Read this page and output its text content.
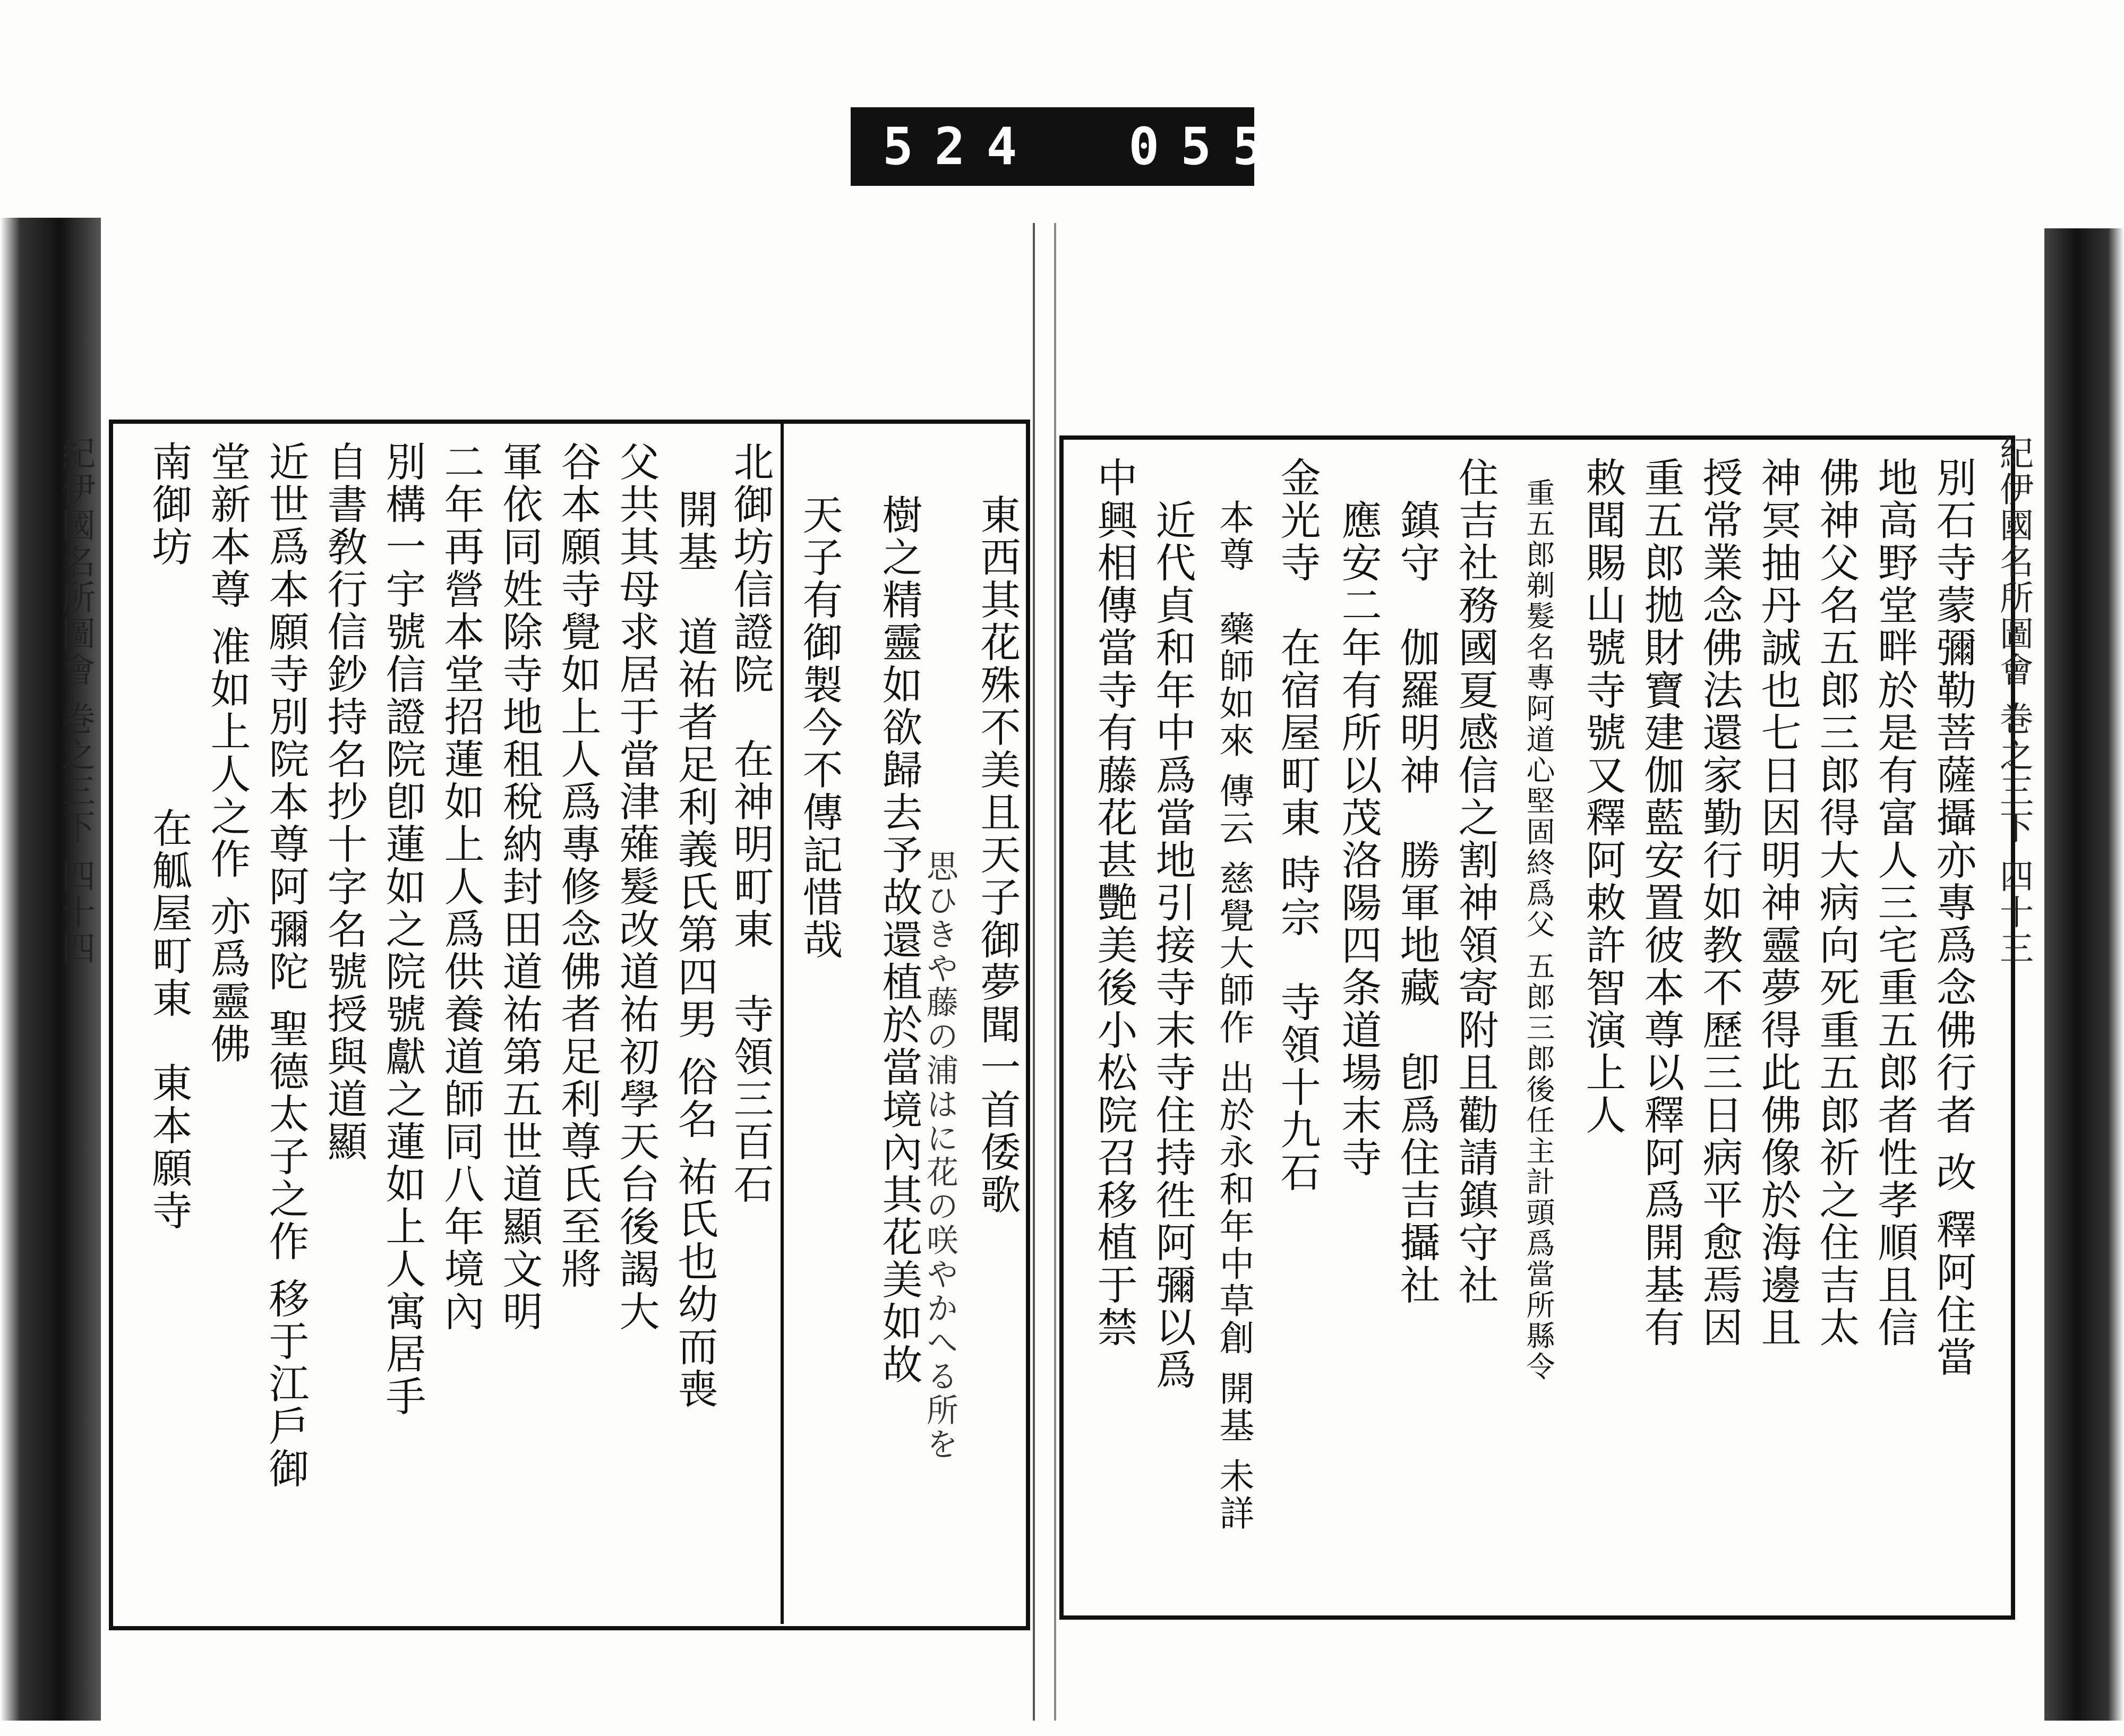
524 055
紀伊國名所圖會 巻之三下 四十四	東西其花殊不美且天子御夢聞一首倭歌
樹之精靈如欲歸去予故還植於當境內其花美如故
思ひきや藤の浦はに花の咲やかへる所を
天子有御製今不傳記惜哉
北御坊信證院　在神明町東　寺領三百石
開基　道祐者足利義氏第四男 俗名 祐氏也幼而喪
父共其母求居于當津薙髮改道祐初學天台後謁大
谷本願寺覺如上人爲專修念佛者足利尊氏至將
軍依同姓除寺地租稅納封田道祐第五世道顯文明
二年再營本堂招蓮如上人爲供養道師同八年境內
別構一宇號信證院卽蓮如之院號獻之蓮如上人寓居手
自書敎行信鈔持名抄十字名號授與道顯
近世爲本願寺別院本尊阿彌陀 聖德太子之作 移于江戶御
堂新本尊 准如上人之作 亦爲靈佛
在觚屋町東　東本願寺
南御坊	紀伊國名所圖會 巻之三下 四十三
別石寺蒙彌勒菩薩攝亦專爲念佛行者 改 釋阿住當
地高野堂畔於是有富人三宅重五郎者性孝順且信
佛神父名五郎三郎得大病向死重五郎祈之住吉太
神冥抽丹誠也七日因明神靈夢得此佛像於海邊且
授常業念佛法還家勤行如教不歷三日病平愈焉因
重五郎拋財寶建伽藍安置彼本尊以釋阿爲開基有
敕聞賜山號寺號又釋阿敕許智演上人
重五郎剃髮名專阿道心堅固終爲父 五郎三郎後任主計頭爲當所縣令
住吉社務國夏感信之割神領寄附且勸請鎮守社
鎮守　伽羅明神　勝軍地藏　卽爲住吉攝社
應安二年有所以茂洛陽四条道場末寺
金光寺　在宿屋町東 時宗　寺領十九石
本尊　藥師如來 傳云 慈覺大師作 出於永和年中草創 開基 未詳
近代貞和年中爲當地引接寺末寺住持徃阿彌以爲
中興相傳當寺有藤花甚艷美後小松院召移植于禁
